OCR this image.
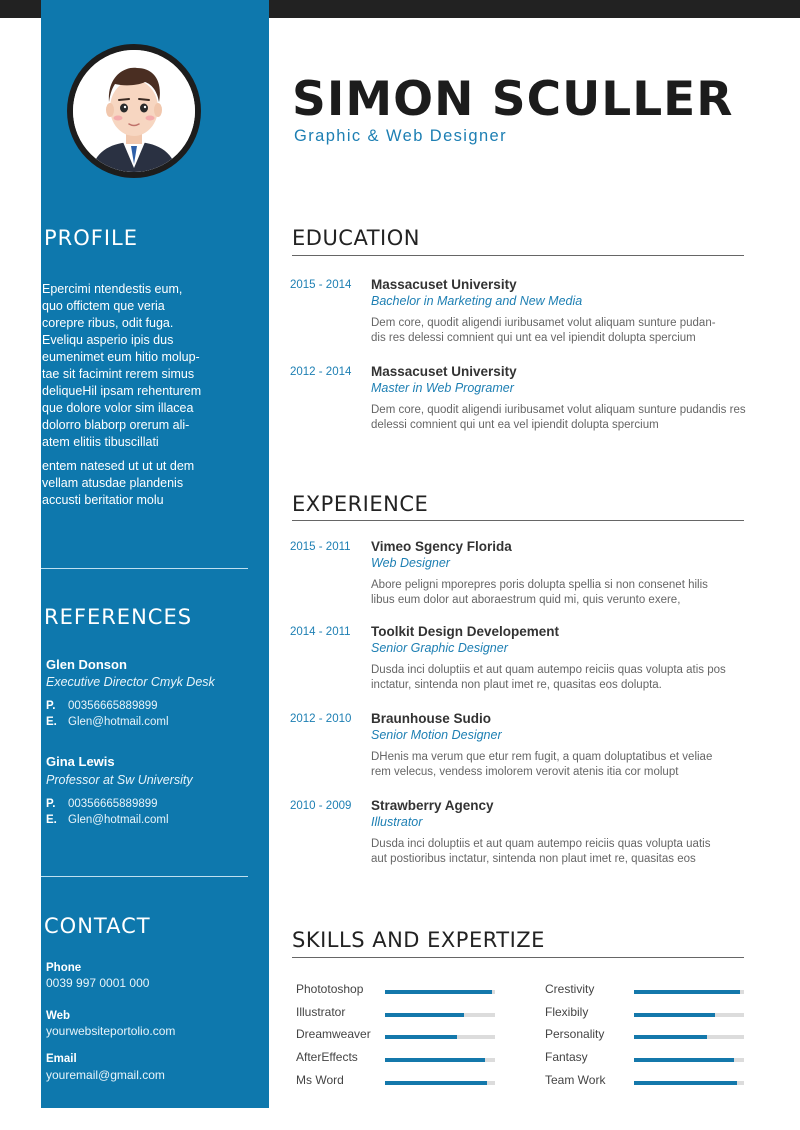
PROFILE
Epercimi ntendestis eum,
quo offictem que veria
corepre ribus, odit fuga.
Eveliqu asperio ipis dus
eumenimet eum hitio molup-
tae sit facimint rerem simus
deliqueHil ipsam rehenturem
que dolore volor sim illacea
dolorro blaborp orerum ali-
atem elitiis tibuscillati
entem natesed ut ut ut dem
vellam atusdae plandenis
accusti beritatior molu
REFERENCES
Glen Donson
Executive Director Cmyk Desk
P. 00356665889899
E. Glen@hotmail.coml
Gina Lewis
Professor at Sw University
P. 00356665889899
E. Glen@hotmail.coml
CONTACT
Phone
0039 997 0001 000
Web
yourwebsiteportolio.com
Email
youremail@gmail.com
SIMON SCULLER
Graphic & Web Designer
EDUCATION
2015 - 2014 Massacuset University
Bachelor in Marketing and New Media
Dem core, quodit aligendi iuribusamet volut aliquam sunture pudan-
dis res delessi comnient qui unt ea vel ipiendit dolupta spercium
2012 - 2014 Massacuset University
Master in Web Programer
Dem core, quodit aligendi iuribusamet volut aliquam sunture pudandis res
delessi comnient qui unt ea vel ipiendit dolupta spercium
EXPERIENCE
2015 - 2011 Vimeo Sgency Florida
Web Designer
Abore peligni mporepres poris dolupta spellia si non consenet hilis
libus eum dolor aut aboraestrum quid mi, quis verunto exere,
2014 - 2011 Toolkit Design Developement
Senior Graphic Designer
Dusda inci doluptiis et aut quam autempo reiciis quas volupta atis pos
inctatur, sintenda non plaut imet re, quasitas eos dolupta.
2012 - 2010 Braunhouse Sudio
Senior Motion Designer
DHenis ma verum que etur rem fugit, a quam doluptatibus et veliae
rem velecus, vendess imolorem verovit atenis itia cor molupt
2010 - 2009 Strawberry Agency
Illustrator
Dusda inci doluptiis et aut quam autempo reiciis quas volupta uatis
aut postioribus inctatur, sintenda non plaut imet re, quasitas eos
SKILLS AND EXPERTIZE
Phototoshop
Illustrator
Dreamweaver
AfterEffects
Ms Word
Crestivity
Flexibily
Personality
Fantasy
Team Work
